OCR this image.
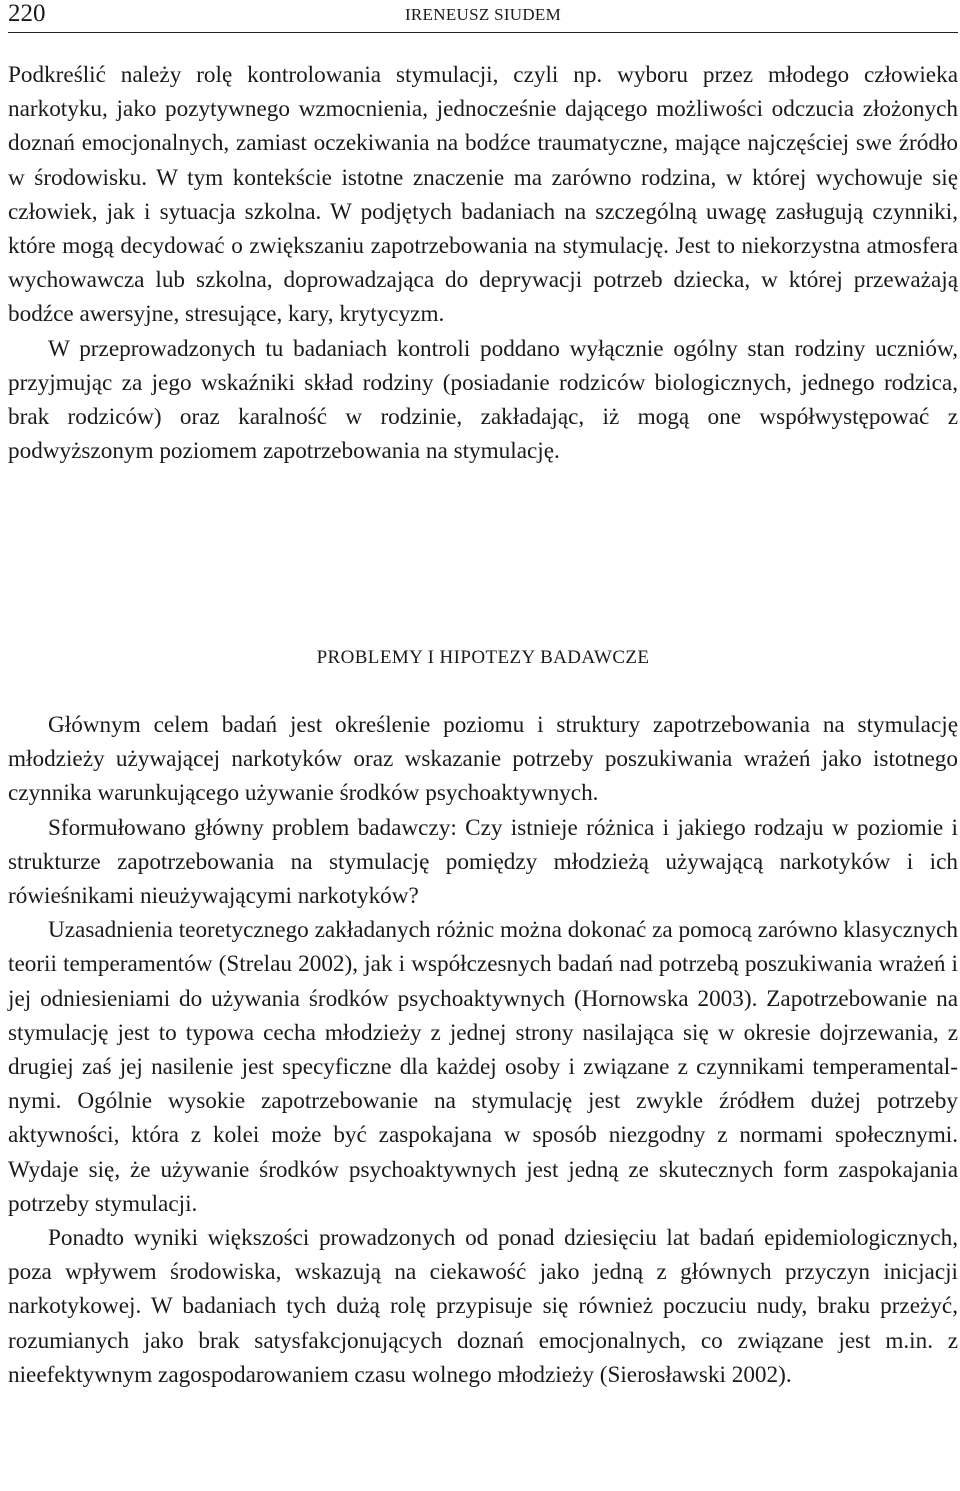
220	IRENEUSZ SIUDEM

Podkreślić należy rolę kontrolowania stymulacji, czyli np. wyboru przez młodego człowieka narkotyku, jako pozytywnego wzmocnienia, jednocześnie dającego możliwości odczucia złożonych doznań emocjonalnych, zamiast oczekiwania na bodźce traumatyczne, mające najczęściej swe źródło w środowisku. W tym kontekście istotne znaczenie ma zarówno rodzina, w której wychowuje się człowiek, jak i sytuacja szkolna. W podjętych badaniach na szczególną uwagę zasługują czynniki, które mogą decydować o zwiększaniu zapotrzebowania na stymulację. Jest to niekorzystna atmosfera wychowawcza lub szkolna, doprowadzająca do deprywacji potrzeb dziecka, w której przeważają bodźce awersyjne, stresujące, kary, krytycyzm.

W przeprowadzonych tu badaniach kontroli poddano wyłącznie ogólny stan rodziny uczniów, przyjmując za jego wskaźniki skład rodziny (posiadanie rodziców biologicznych, jednego rodzica, brak rodziców) oraz karalność w rodzinie, zakładając, iż mogą one współwystępować z podwyższonym poziomem zapotrzebowania na stymulację.

PROBLEMY I HIPOTEZY BADAWCZE

Głównym celem badań jest określenie poziomu i struktury zapotrzebowania na stymulację młodzieży używającej narkotyków oraz wskazanie potrzeby poszukiwania wrażeń jako istotnego czynnika warunkującego używanie środków psychoaktywnych.

Sformułowano główny problem badawczy: Czy istnieje różnica i jakiego rodzaju w poziomie i strukturze zapotrzebowania na stymulację pomiędzy młodzieżą używającą narkotyków i ich rówieśnikami nieużywającymi narkotyków?

Uzasadnienia teoretycznego zakładanych różnic można dokonać za pomocą zarówno klasycznych teorii temperamentów (Strelau 2002), jak i współczesnych badań nad potrzebą poszukiwania wrażeń i jej odniesieniami do używania środków psychoaktywnych (Hornowska 2003). Zapotrzebowanie na stymulację jest to typowa cecha młodzieży z jednej strony nasilająca się w okresie dojrzewania, z drugiej zaś jej nasilenie jest specyficzne dla każdej osoby i związane z czynnikami temperamentalnymi. Ogólnie wysokie zapotrzebowanie na stymulację jest zwykle źródłem dużej potrzeby aktywności, która z kolei może być zaspokajana w sposób niezgodny z normami społecznymi. Wydaje się, że używanie środków psychoaktywnych jest jedną ze skutecznych form zaspokajania potrzeby stymulacji.

Ponadto wyniki większości prowadzonych od ponad dziesięciu lat badań epidemiologicznych, poza wpływem środowiska, wskazują na ciekawość jako jedną z głównych przyczyn inicjacji narkotykowej. W badaniach tych dużą rolę przypisuje się również poczuciu nudy, braku przeżyć, rozumianych jako brak satysfakcjonujących doznań emocjonalnych, co związane jest m.in. z nieefektywnym zagospodarowaniem czasu wolnego młodzieży (Sierosławski 2002).
